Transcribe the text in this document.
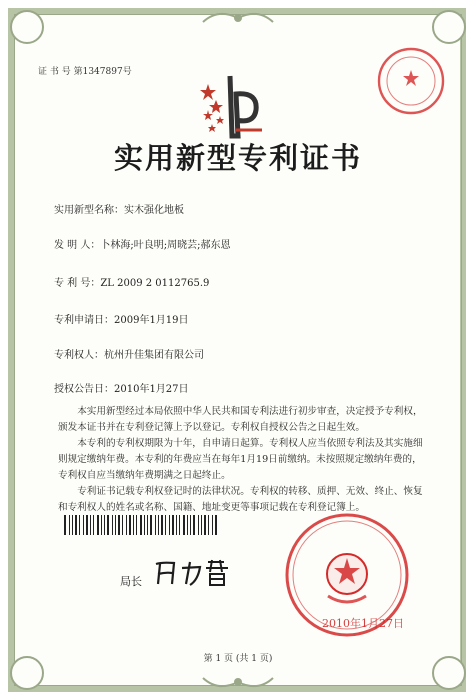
证 书 号 第1347897号
实用新型专利证书
实用新型名称：实木强化地板
发 明 人：卜林海;叶良明;周晓芸;郝东恩
专 利 号：ZL 2009 2 0112765.9
专利申请日：2009年1月19日
专利权人：杭州升佳集团有限公司
授权公告日：2010年1月27日
本实用新型经过本局依照中华人民共和国专利法进行初步审查，决定授予专利权，颁发本证书并在专利登记簿上予以登记。专利权自授权公告之日起生效。
本专利的专利权期限为十年，自申请日起算。专利权人应当依照专利法及其实施细则规定缴纳年费。本专利的年费应当在每年1月19日前缴纳。未按照规定缴纳年费的，专利权自应当缴纳年费期满之日起终止。
专利证书记载专利权登记时的法律状况。专利权的转移、质押、无效、终止、恢复和专利权人的姓名或名称、国籍、地址变更等事项记载在专利登记簿上。
局长
2010年1月27日
第 1 页 (共 1 页)
